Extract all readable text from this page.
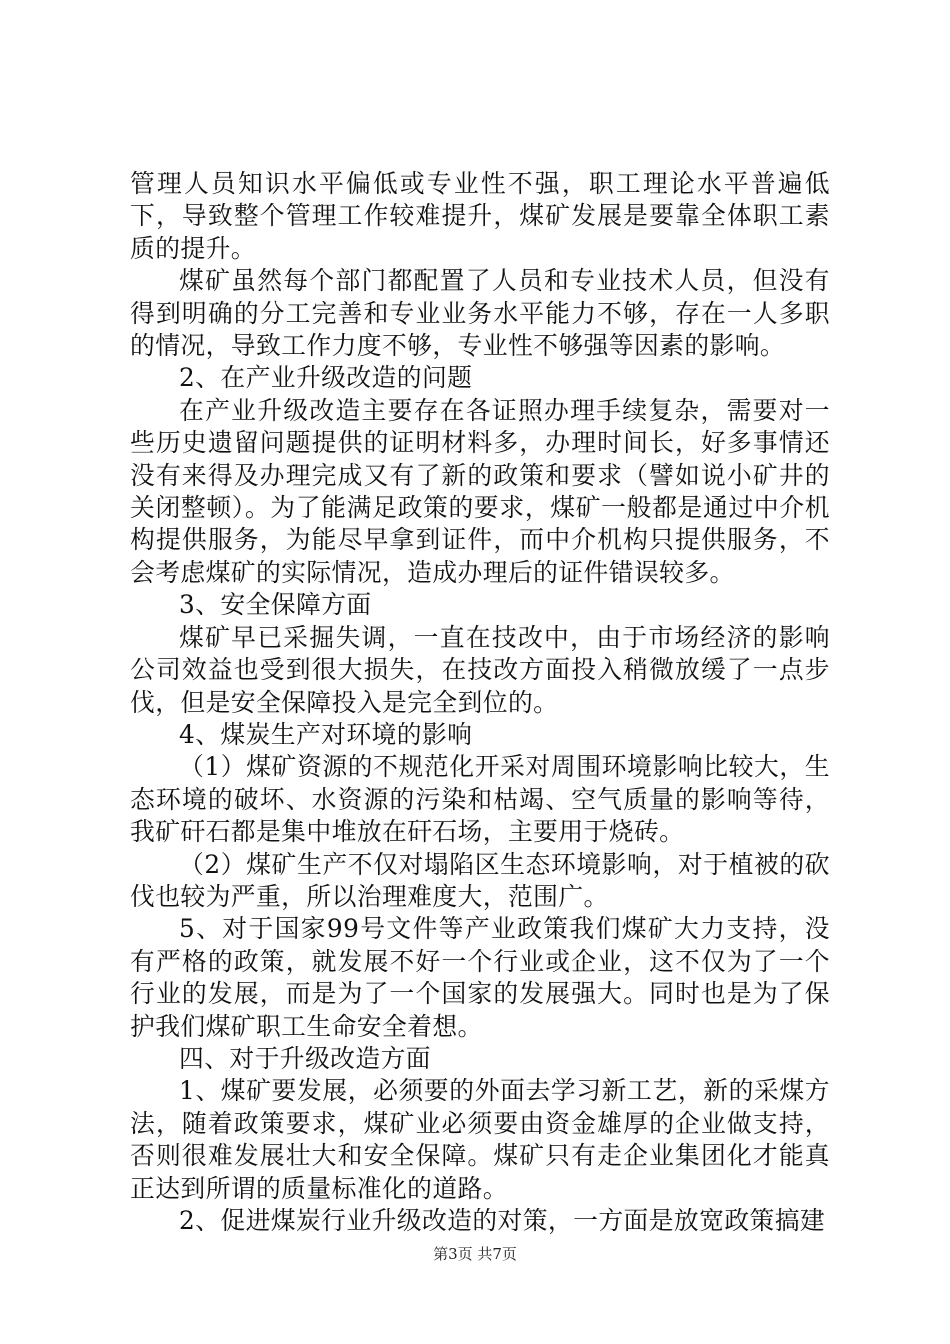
管理人员知识水平偏低或专业性不强，职工理论水平普遍低下，导致整个管理工作较难提升，煤矿发展是要靠全体职工素质的提升。

煤矿虽然每个部门都配置了人员和专业技术人员，但没有得到明确的分工完善和专业业务水平能力不够，存在一人多职的情况，导致工作力度不够，专业性不够强等因素的影响。

2、在产业升级改造的问题

在产业升级改造主要存在各证照办理手续复杂，需要对一些历史遗留问题提供的证明材料多，办理时间长，好多事情还没有来得及办理完成又有了新的政策和要求（譬如说小矿井的关闭整顿）。为了能满足政策的要求，煤矿一般都是通过中介机构提供服务，为能尽早拿到证件，而中介机构只提供服务，不会考虑煤矿的实际情况，造成办理后的证件错误较多。

3、安全保障方面

煤矿早已采掘失调，一直在技改中，由于市场经济的影响公司效益也受到很大损失，在技改方面投入稍微放缓了一点步伐，但是安全保障投入是完全到位的。

4、煤炭生产对环境的影响

（1）煤矿资源的不规范化开采对周围环境影响比较大，生态环境的破坏、水资源的污染和枯竭、空气质量的影响等待，我矿矸石都是集中堆放在矸石场，主要用于烧砖。

（2）煤矿生产不仅对塌陷区生态环境影响，对于植被的砍伐也较为严重，所以治理难度大，范围广。

5、对于国家99号文件等产业政策我们煤矿大力支持，没有严格的政策，就发展不好一个行业或企业，这不仅为了一个行业的发展，而是为了一个国家的发展强大。同时也是为了保护我们煤矿职工生命安全着想。

四、对于升级改造方面

1、煤矿要发展，必须要的外面去学习新工艺，新的采煤方法，随着政策要求，煤矿业必须要由资金雄厚的企业做支持，否则很难发展壮大和安全保障。煤矿只有走企业集团化才能真正达到所谓的质量标准化的道路。

2、促进煤炭行业升级改造的对策，一方面是放宽政策搞建

第3页 共7页
